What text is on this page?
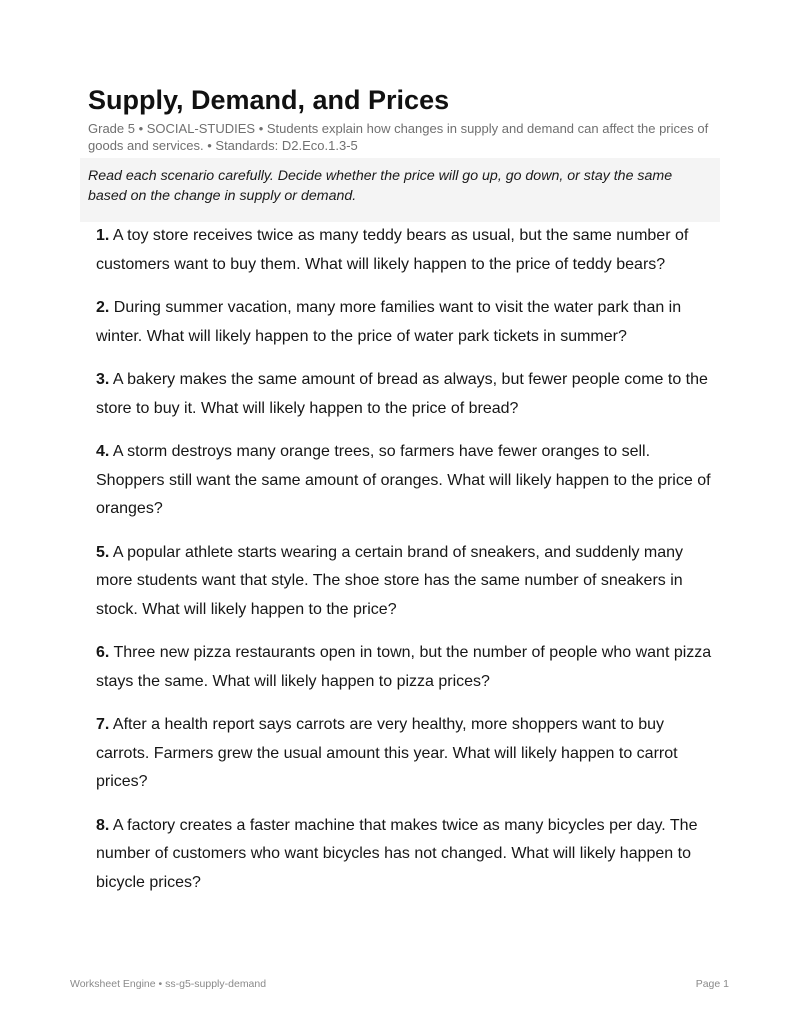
Supply, Demand, and Prices
Grade 5 • SOCIAL-STUDIES • Students explain how changes in supply and demand can affect the prices of goods and services. • Standards: D2.Eco.1.3-5
Read each scenario carefully. Decide whether the price will go up, go down, or stay the same based on the change in supply or demand.
1. A toy store receives twice as many teddy bears as usual, but the same number of customers want to buy them. What will likely happen to the price of teddy bears?
2. During summer vacation, many more families want to visit the water park than in winter. What will likely happen to the price of water park tickets in summer?
3. A bakery makes the same amount of bread as always, but fewer people come to the store to buy it. What will likely happen to the price of bread?
4. A storm destroys many orange trees, so farmers have fewer oranges to sell. Shoppers still want the same amount of oranges. What will likely happen to the price of oranges?
5. A popular athlete starts wearing a certain brand of sneakers, and suddenly many more students want that style. The shoe store has the same number of sneakers in stock. What will likely happen to the price?
6. Three new pizza restaurants open in town, but the number of people who want pizza stays the same. What will likely happen to pizza prices?
7. After a health report says carrots are very healthy, more shoppers want to buy carrots. Farmers grew the usual amount this year. What will likely happen to carrot prices?
8. A factory creates a faster machine that makes twice as many bicycles per day. The number of customers who want bicycles has not changed. What will likely happen to bicycle prices?
Worksheet Engine • ss-g5-supply-demand	Page 1
